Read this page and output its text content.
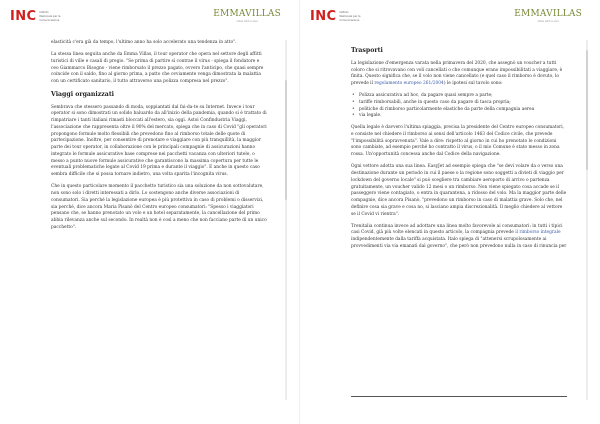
INC Istituto
Nazionale per la
Comunicazione
EMMAVILLAS
villas with a soul

elasticità c'era già da tempo, l'ultimo anno ha solo accelerato una tendenza in atto".

La stessa linea seguita anche da Emma Villas, il tour operator che opera nel settore degli affitti turistici di ville e casali di pregio. "Se prima di partire si contrae il virus - spiega il fondatore e ceo Giammarco Bisogno - viene rimborsato il prezzo pagato, ovvero l'anticipo, che quasi sempre coincide con il saldo, fino al giorno prima, a patto che ovviamente venga dimostrata la malattia con un certificato sanitario, il tutto attraverso una polizza compresa nel prezzo".

Viaggi organizzati

Sembrava che stessero passando di moda, soppiantati dal fai-da-te su Internet. Invece i tour operator si sono dimostrati un solido baluardo da all'inizio della pandemia, quando si è trattato di rimpatriare i tanti italiani rimasti bloccati all'estero, sia oggi. Astoi Confindustria Viaggi, l'associazione che rappresenta oltre il 90% del mercato, spiega che in caso di Covid "gli operatori propongono formule molto flessibili che prevedono fino al rimborso totale delle quote di partecipazione. Inoltre, per consentire di prenotare e viaggiare con più tranquillità, la maggior parte dei tour operator, in collaborazione con le principali compagnie di assicurazioni hanno integrato le formule assicurative base comprese nei pacchetti vacanza con ulteriori tutele, o messo a punto nuove formule assicurative che garantiscono la massima copertura per tutte le eventuali problematiche legate al Covid 19 prima e durante il viaggio". E anche in questo caso sembra difficile che si possa tornare indietro, una volta sparita l'incognita virus.

Che in questo particolare momento il pacchetto turistico sia una soluzione da non sottovalutare, non sono solo i diretti interessati a dirlo. Lo sostengono anche diverse associazioni di consumatori. Sia perché la legislazione europea è più protettiva in caso di problemi o disservizi, sia perché, dice ancora Maria Pisanò del Centro europeo consumatori: "Spesso i viaggiatori pensano che, se hanno prenotato un volo e un hotel separatamente, la cancellazione del primo abbia rilevanza anche sul secondo. In realtà non è così a meno che non facciano parte di un unico pacchetto".

INC Istituto
Nazionale per la
Comunicazione
EMMAVILLAS
villas with a soul
Trasporti

La legislazione d'emergenza varata nella primavera del 2020, che assegnò un voucher a tutti coloro che si ritrovavano con voli cancellati o che comunque erano impossibilitati a viaggiare, è finita. Questo significa che, se il volo non viene cancellato (e quel caso il rimborso è dovuto, lo prevede il regolamento europeo 261/2004) le ipotesi sul tavolo sono:

• Polizza assicurativa ad hoc, da pagare quasi sempre a parte;
• tariffe rimborsabili, anche in questo caso da pagare di tasca propria;
• politiche di rimborso particolarmente elastiche da parte della compagnia aerea
• via legale.

Quella legale è davvero l'ultima spiaggia, precisa la presidente del Centro europeo consumatori, e consiste nel chiedere il rimborso ai sensi dell'articolo 1463 del Codice civile, che prevede "l'impossibilità sopravvenuta". Vale a dire: rispetto al giorno in cui ho prenotato le condizioni sono cambiate, ad esempio perché ho contratto il virus, o il mio Comune è stato messo in zona rossa. Un'opportunità concessa anche dal Codice della navigazione.

Ogni vettore adotta una sua linea. EasyJet ad esempio spiega che "se devi volare da o verso una destinazione durante un periodo in cui il paese o la regione sono soggetti a divieti di viaggio per lockdown del governo locale" si può scegliere tra cambiare aeroporto di arrivo o partenza gratuitamente, un voucher valido 12 mesi o un rimborso. Non viene spiegato cosa accade se il passeggero viene contagiato, o entra in quarantena, a ridosso del volo. Ma la maggior parte delle compagnie, dice ancora Pisanò, "prevedono un rimborso in caso di malattia grave. Solo che, nel definire cosa sia grave e cosa no, si lasciano ampia discrezionalità. Il meglio chiedere al vettore se il Covid vi rientra".

Trenitalia continua invece ad adottare una linea molto favorevole ai consumatori: in tutti i tipici casi Covid, già più volte elencati in questo articolo, la compagnia prevede il rimborso integrale indipendentemente dalla tariffa acquistata. Italo spiega di "attenersi scrupolosamente ai provvedimenti via via emanati dal governo", che però non prevedono nulla in caso di rinuncia per
